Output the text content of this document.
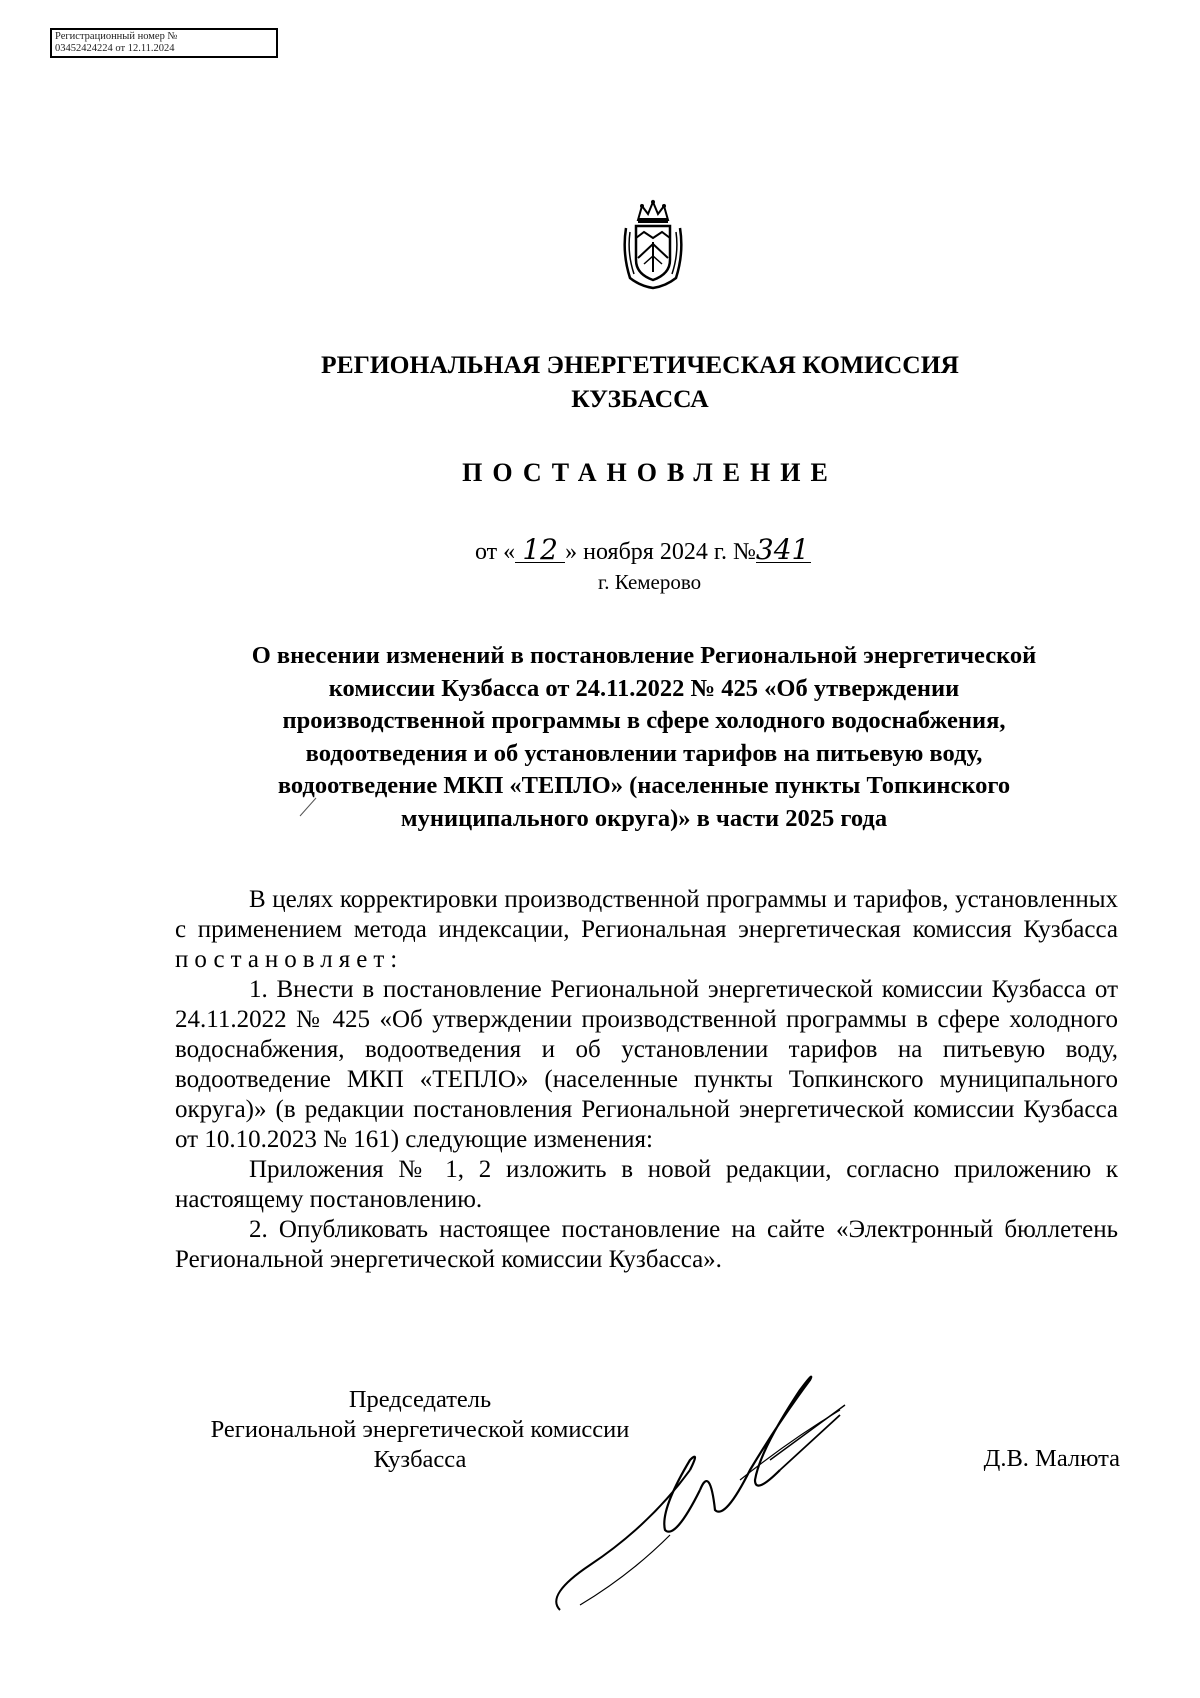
Регистрационный номер №
03452424224 от 12.11.2024
РЕГИОНАЛЬНАЯ ЭНЕРГЕТИЧЕСКАЯ КОМИССИЯ
КУЗБАССА
ПОСТАНОВЛЕНИЕ
от « 12 » ноября 2024 г. №341
г. Кемерово
О внесении изменений в постановление Региональной энергетической
комиссии Кузбасса от 24.11.2022 № 425 «Об утверждении
производственной программы в сфере холодного водоснабжения,
водоотведения и об установлении тарифов на питьевую воду,
водоотведение МКП «ТЕПЛО» (населенные пункты Топкинского
муниципального округа)» в части 2025 года

В целях корректировки производственной программы и тарифов, установленных с применением метода индексации, Региональная энергетическая комиссия Кузбасса постановляет:

1. Внести в постановление Региональной энергетической комиссии Кузбасса от 24.11.2022 № 425 «Об утверждении производственной программы в сфере холодного водоснабжения, водоотведения и об установлении тарифов на питьевую воду, водоотведение МКП «ТЕПЛО» (населенные пункты Топкинского муниципального округа)» (в редакции постановления Региональной энергетической комиссии Кузбасса от 10.10.2023 № 161) следующие изменения:

Приложения № 1, 2 изложить в новой редакции, согласно приложению к настоящему постановлению.

2. Опубликовать настоящее постановление на сайте «Электронный бюллетень Региональной энергетической комиссии Кузбасса».

Председатель
Региональной энергетической комиссии
Кузбасса	Д.В. Малюта
